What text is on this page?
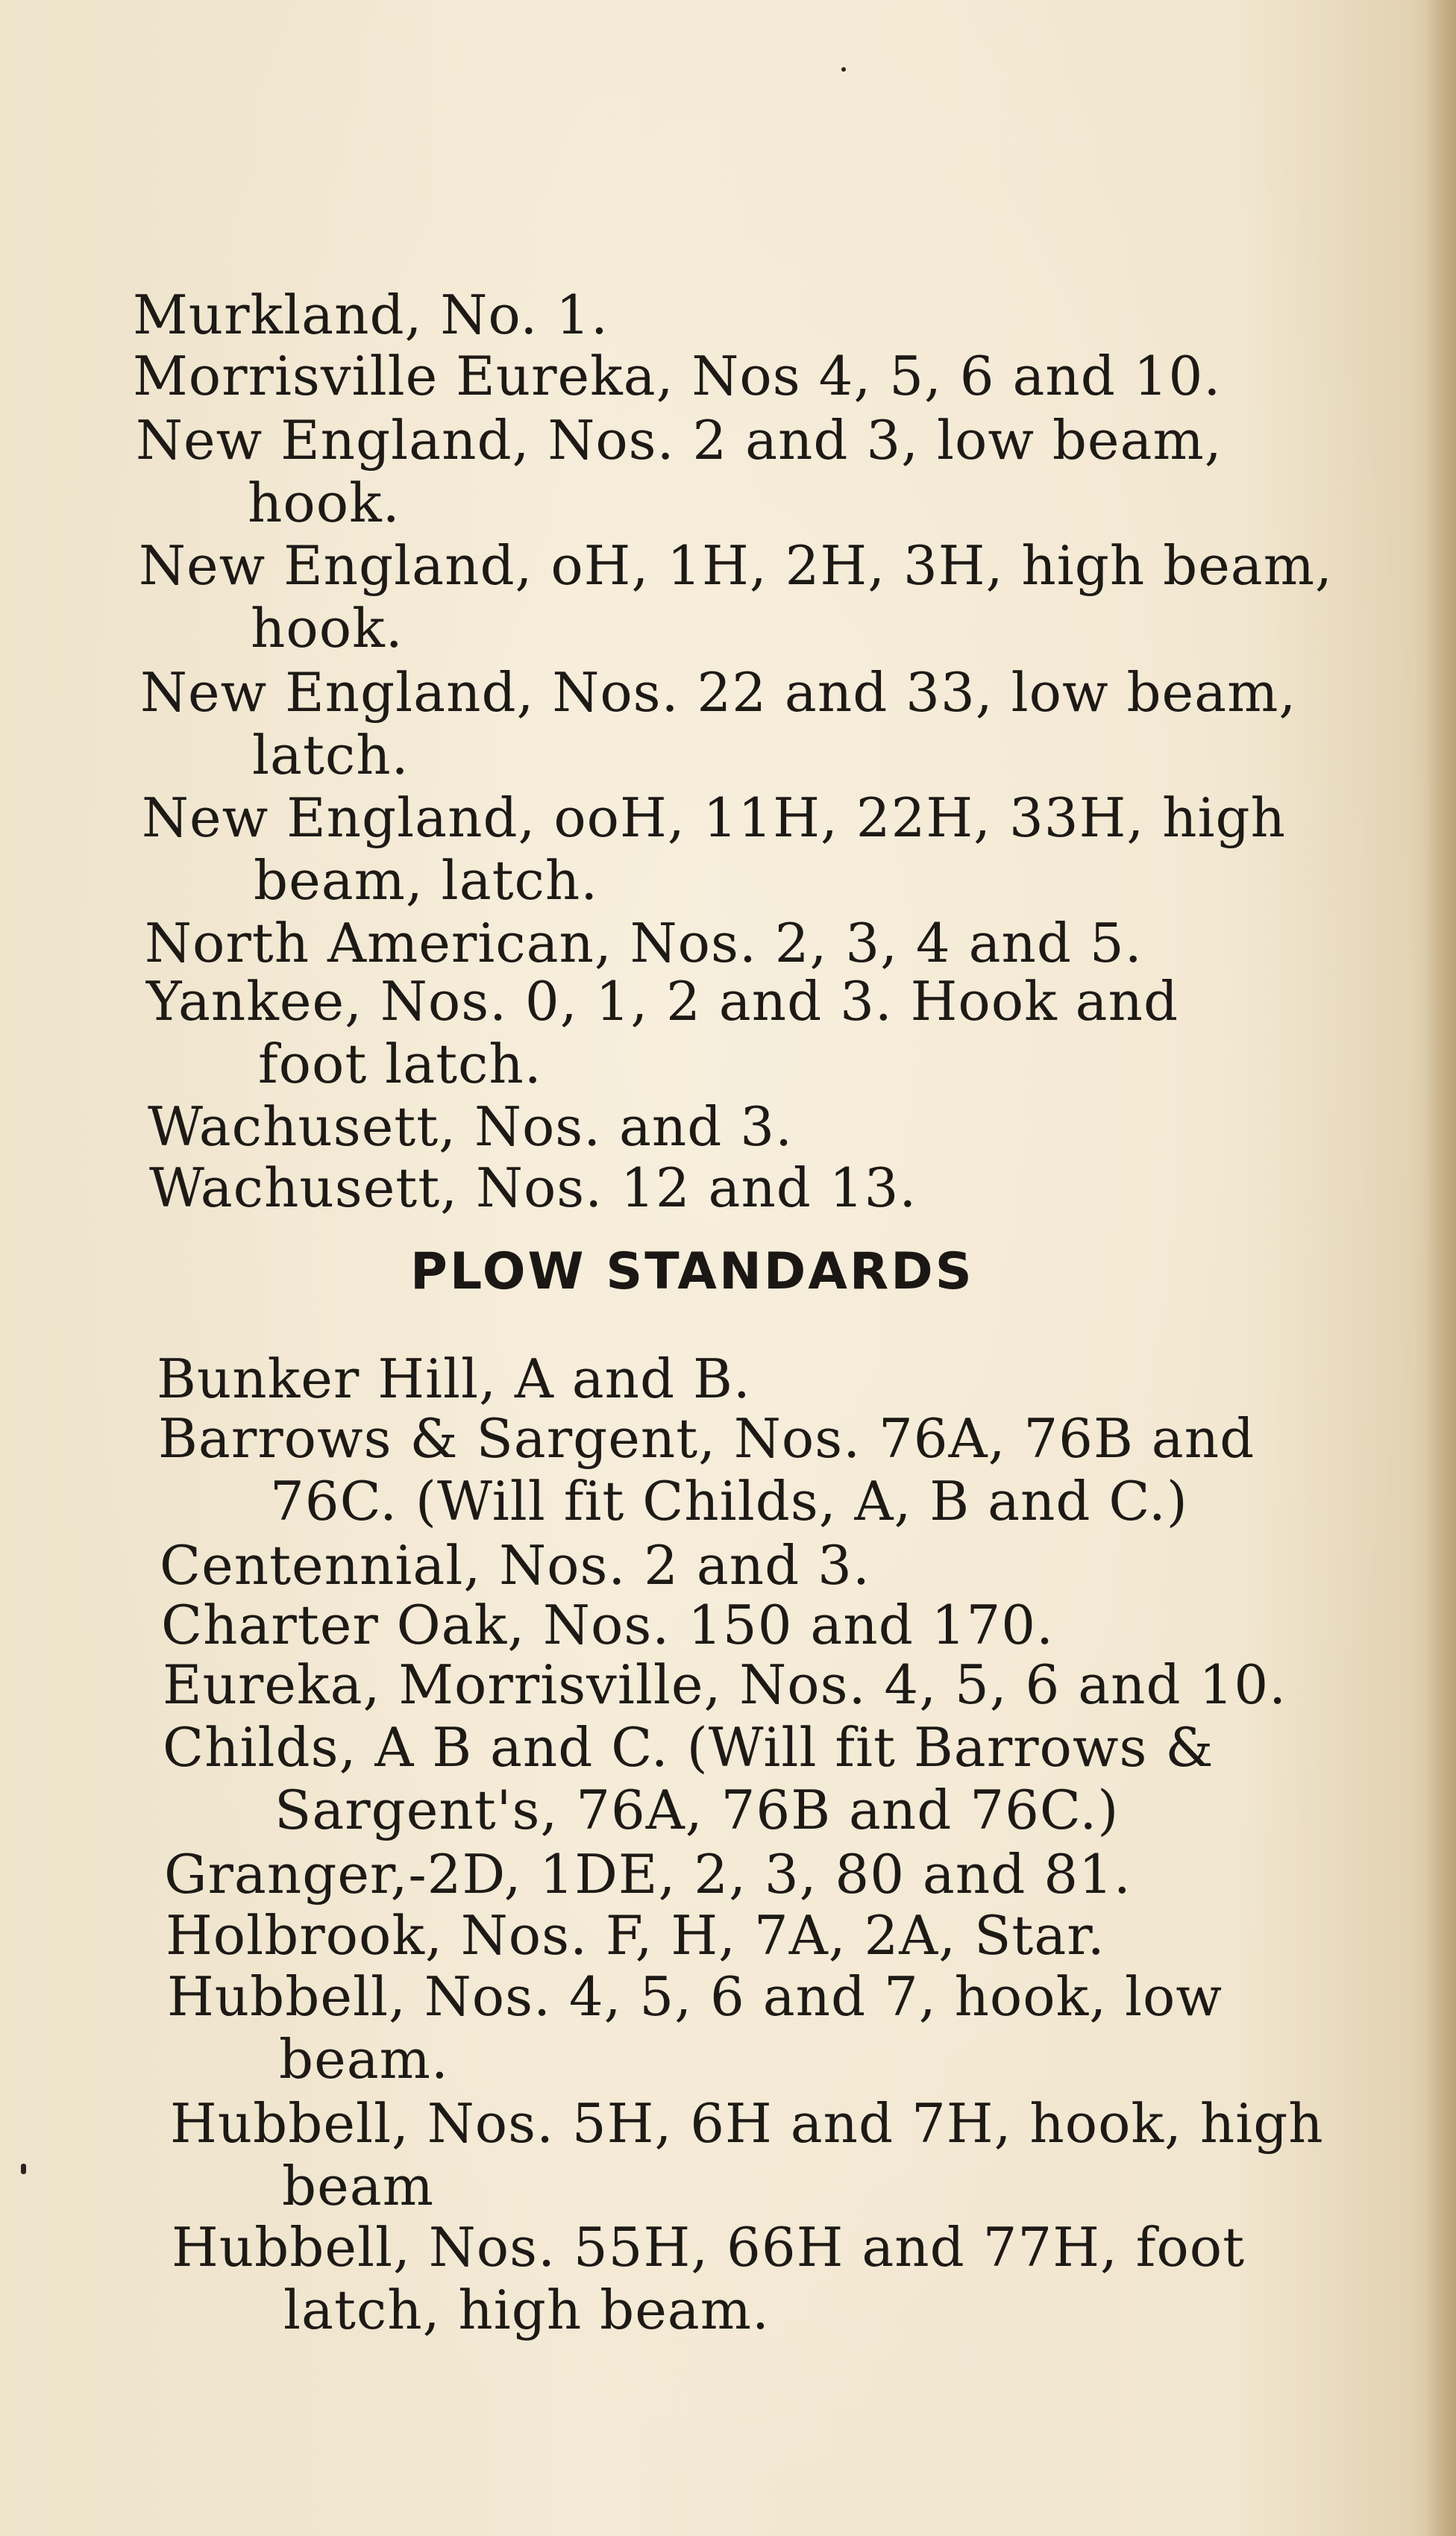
Murkland, No. 1.
Morrisville Eureka, Nos 4, 5, 6 and 10.
New England, Nos. 2 and 3, low beam,
hook.
New England, oH, 1H, 2H, 3H, high beam,
hook.
New England, Nos. 22 and 33, low beam,
latch.
New England, ooH, 11H, 22H, 33H, high
beam, latch.
North American, Nos. 2, 3, 4 and 5.
Yankee, Nos. 0, 1, 2 and 3. Hook and
foot latch.
Wachusett, Nos. and 3.
Wachusett, Nos. 12 and 13.
PLOW STANDARDS
Bunker Hill, A and B.
Barrows & Sargent, Nos. 76A, 76B and
76C. (Will fit Childs, A, B and C.)
Centennial, Nos. 2 and 3.
Charter Oak, Nos. 150 and 170.
Eureka, Morrisville, Nos. 4, 5, 6 and 10.
Childs, A B and C. (Will fit Barrows &
Sargent's, 76A, 76B and 76C.)
Granger,-2D, 1DE, 2, 3, 80 and 81.
Holbrook, Nos. F, H, 7A, 2A, Star.
Hubbell, Nos. 4, 5, 6 and 7, hook, low
beam.
Hubbell, Nos. 5H, 6H and 7H, hook, high
beam
Hubbell, Nos. 55H, 66H and 77H, foot
latch, high beam.
